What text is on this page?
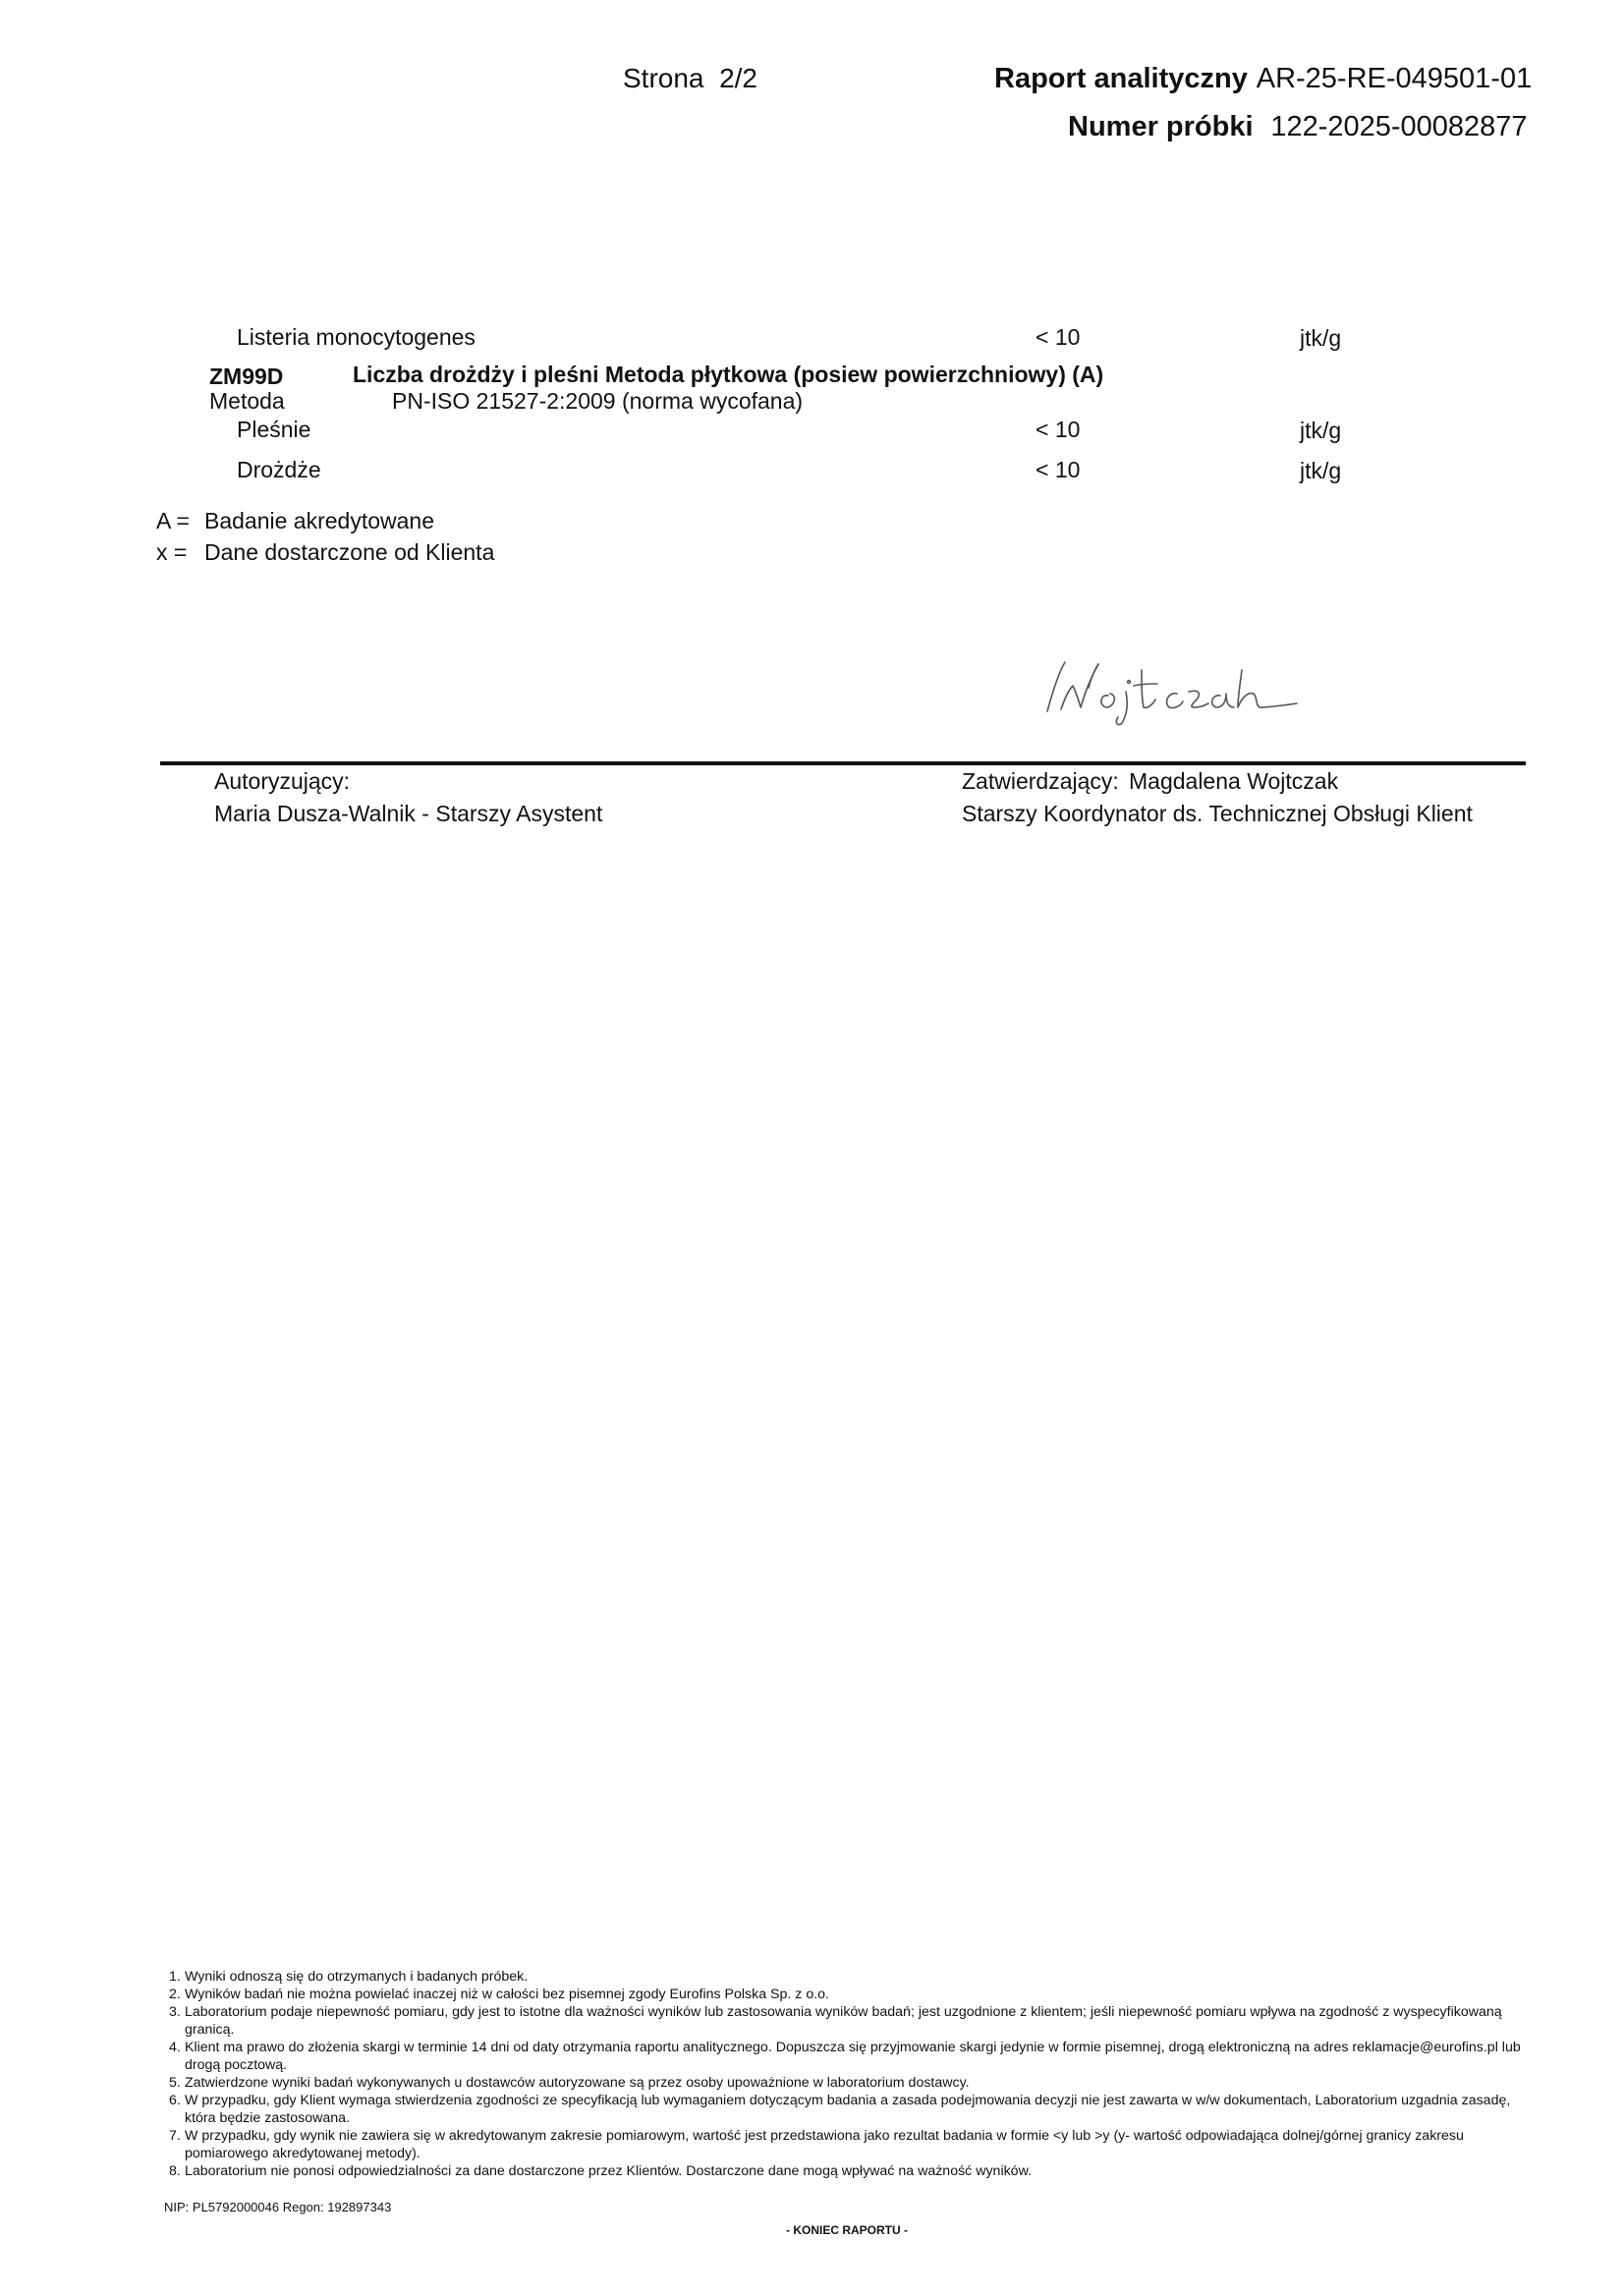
Strona 2/2	Raport analityczny AR-25-RE-049501-01
Numer próbki 122-2025-00082877
Listeria monocytogenes	< 10	jtk/g
ZM99D	Liczba drożdży i pleśni Metoda płytkowa (posiew powierzchniowy) (A)
Metoda	PN-ISO 21527-2:2009 (norma wycofana)
Pleśnie	< 10	jtk/g
Drożdże	< 10	jtk/g
A = Badanie akredytowane
x = Dane dostarczone od Klienta
Autoryzujący:
Maria Dusza-Walnik - Starszy Asystent
Zatwierdzający: Magdalena Wojtczak
Starszy Koordynator ds. Technicznej Obsługi Klient
1. Wyniki odnoszą się do otrzymanych i badanych próbek.
2. Wyników badań nie można powielać inaczej niż w całości bez pisemnej zgody Eurofins Polska Sp. z o.o.
3. Laboratorium podaje niepewność pomiaru, gdy jest to istotne dla ważności wyników lub zastosowania wyników badań; jest uzgodnione z klientem; jeśli niepewność pomiaru wpływa na zgodność z wyspecyfikowaną granicą.
4. Klient ma prawo do złożenia skargi w terminie 14 dni od daty otrzymania raportu analitycznego. Dopuszcza się przyjmowanie skargi jedynie w formie pisemnej, drogą elektroniczną na adres reklamacje@eurofins.pl lub drogą pocztową.
5. Zatwierdzone wyniki badań wykonywanych u dostawców autoryzowane są przez osoby upoważnione w laboratorium dostawcy.
6. W przypadku, gdy Klient wymaga stwierdzenia zgodności ze specyfikacją lub wymaganiem dotyczącym badania a zasada podejmowania decyzji nie jest zawarta w w/w dokumentach, Laboratorium uzgadnia zasadę, która będzie zastosowana.
7. W przypadku, gdy wynik nie zawiera się w akredytowanym zakresie pomiarowym, wartość jest przedstawiona jako rezultat badania w formie <y lub >y (y- wartość odpowiadająca dolnej/górnej granicy zakresu pomiarowego akredytowanej metody).
8. Laboratorium nie ponosi odpowiedzialności za dane dostarczone przez Klientów. Dostarczone dane mogą wpływać na ważność wyników.
NIP: PL5792000046 Regon: 192897343
- KONIEC RAPORTU -
